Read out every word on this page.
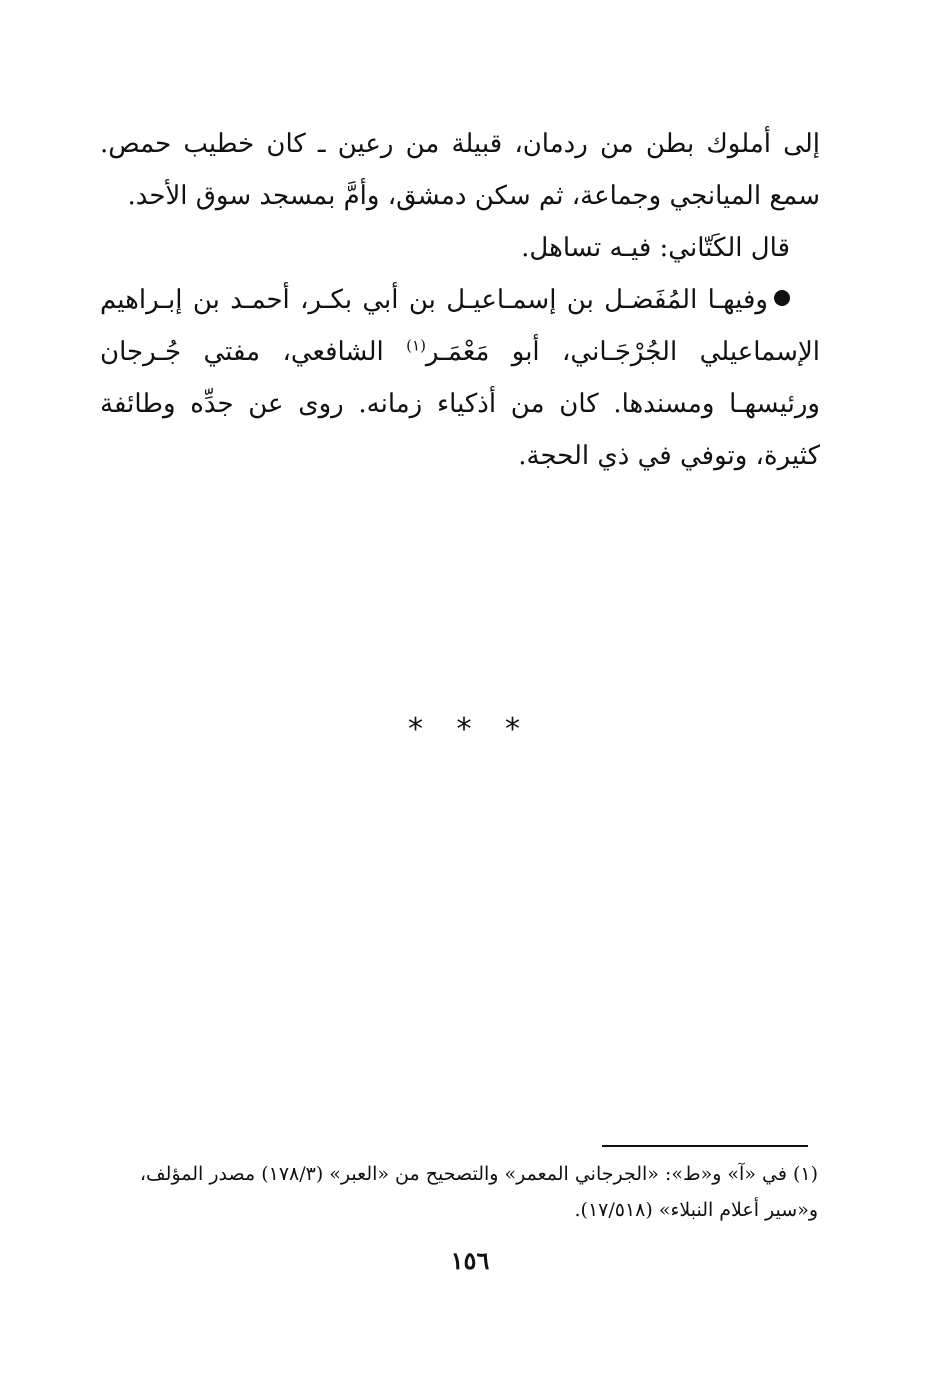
إلى أملوك بطن من ردمان، قبيلة من رعين ـ كان خطيب حمص. سمع الميانجي وجماعة، ثم سكن دمشق، وأمَّ بمسجد سوق الأحد.
قال الكَتّاني: فيـه تساهل.
وفيهـا المُفَضـل بن إسمـاعيـل بن أبي بكـر، أحمـد بن إبـراهيم الإسماعيلي الجُرْجَـاني، أبو مَعْمَـر$^{(١)}$ الشافعي، مفتي جُـرجان ورئيسهـا ومسندها. كان من أذكياء زمانه. روى عن جدِّه وطائفة كثيرة، وتوفي في ذي الحجة.
* * *
(١) في «آ» و«ط»: «الجرجاني المعمر» والتصحيح من «العبر» (١٧٨/٣) مصدر المؤلف، و«سير أعلام النبلاء» (١٧/٥١٨).
١٥٦
